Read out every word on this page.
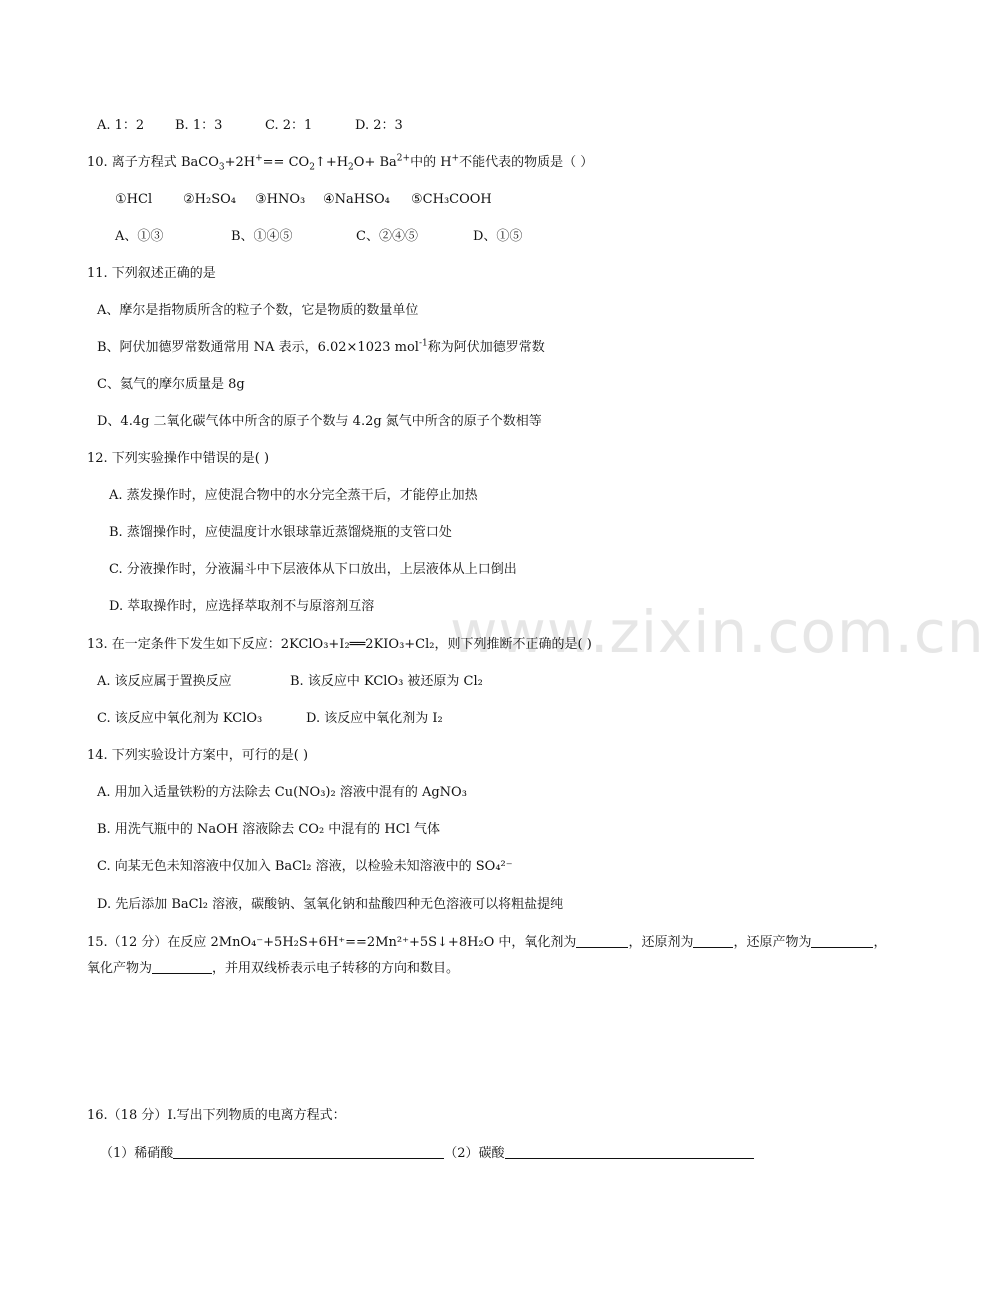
www.zixin.com.cn
A. 1：2 B. 1：3	C. 2：1	D. 2：3
10. 离子方程式 BaCO$_3$+2H+== $CO_2↑+H_2O+ Ba^{2+}$中的 H+不能代表的物质是（ ）
①HCl ②H₂SO₄ ③HNO₃ ④NaHSO₄ ⑤CH₃COOH
A、①③	B、①④⑤	C、②④⑤	D、①⑤
11. 下列叙述正确的是
A、摩尔是指物质所含的粒子个数，它是物质的数量单位
B、阿伏加德罗常数通常用 NA 表示，6.02×1023 mol$^{-1}$称为阿伏加德罗常数
C、氦气的摩尔质量是 8g
D、4.4g 二氧化碳气体中所含的原子个数与 4.2g 氮气中所含的原子个数相等
12. 下列实验操作中错误的是( )
A. 蒸发操作时，应使混合物中的水分完全蒸干后，才能停止加热
B. 蒸馏操作时，应使温度计水银球靠近蒸馏烧瓶的支管口处
C. 分液操作时，分液漏斗中下层液体从下口放出，上层液体从上口倒出
D. 萃取操作时，应选择萃取剂不与原溶剂互溶
13. 在一定条件下发生如下反应：2KClO₃+I₂══2KIO₃+Cl₂，则下列推断不正确的是( )
A. 该反应属于置换反应	B. 该反应中 KClO₃ 被还原为 Cl₂
C. 该反应中氧化剂为 KClO₃	D. 该反应中氧化剂为 I₂
14. 下列实验设计方案中，可行的是( )
A. 用加入适量铁粉的方法除去 Cu(NO₃)₂ 溶液中混有的 AgNO₃
B. 用洗气瓶中的 NaOH 溶液除去 CO₂ 中混有的 HCl 气体
C. 向某无色未知溶液中仅加入 BaCl₂ 溶液，以检验未知溶液中的 SO₄²⁻
D. 先后添加 BaCl₂ 溶液，碳酸钠、氢氧化钠和盐酸四种无色溶液可以将粗盐提纯
15.（12 分）在反应 2MnO₄⁻+5H₂S+6H⁺==2Mn²⁺+5S↓+8H₂O 中，氧化剂为	，还原剂为	，还原产物为	，
氧化产物为	，并用双线桥表示电子转移的方向和数目。
16.（18 分）Ⅰ.写出下列物质的电离方程式：
（1）稀硝酸	（2）碳酸
